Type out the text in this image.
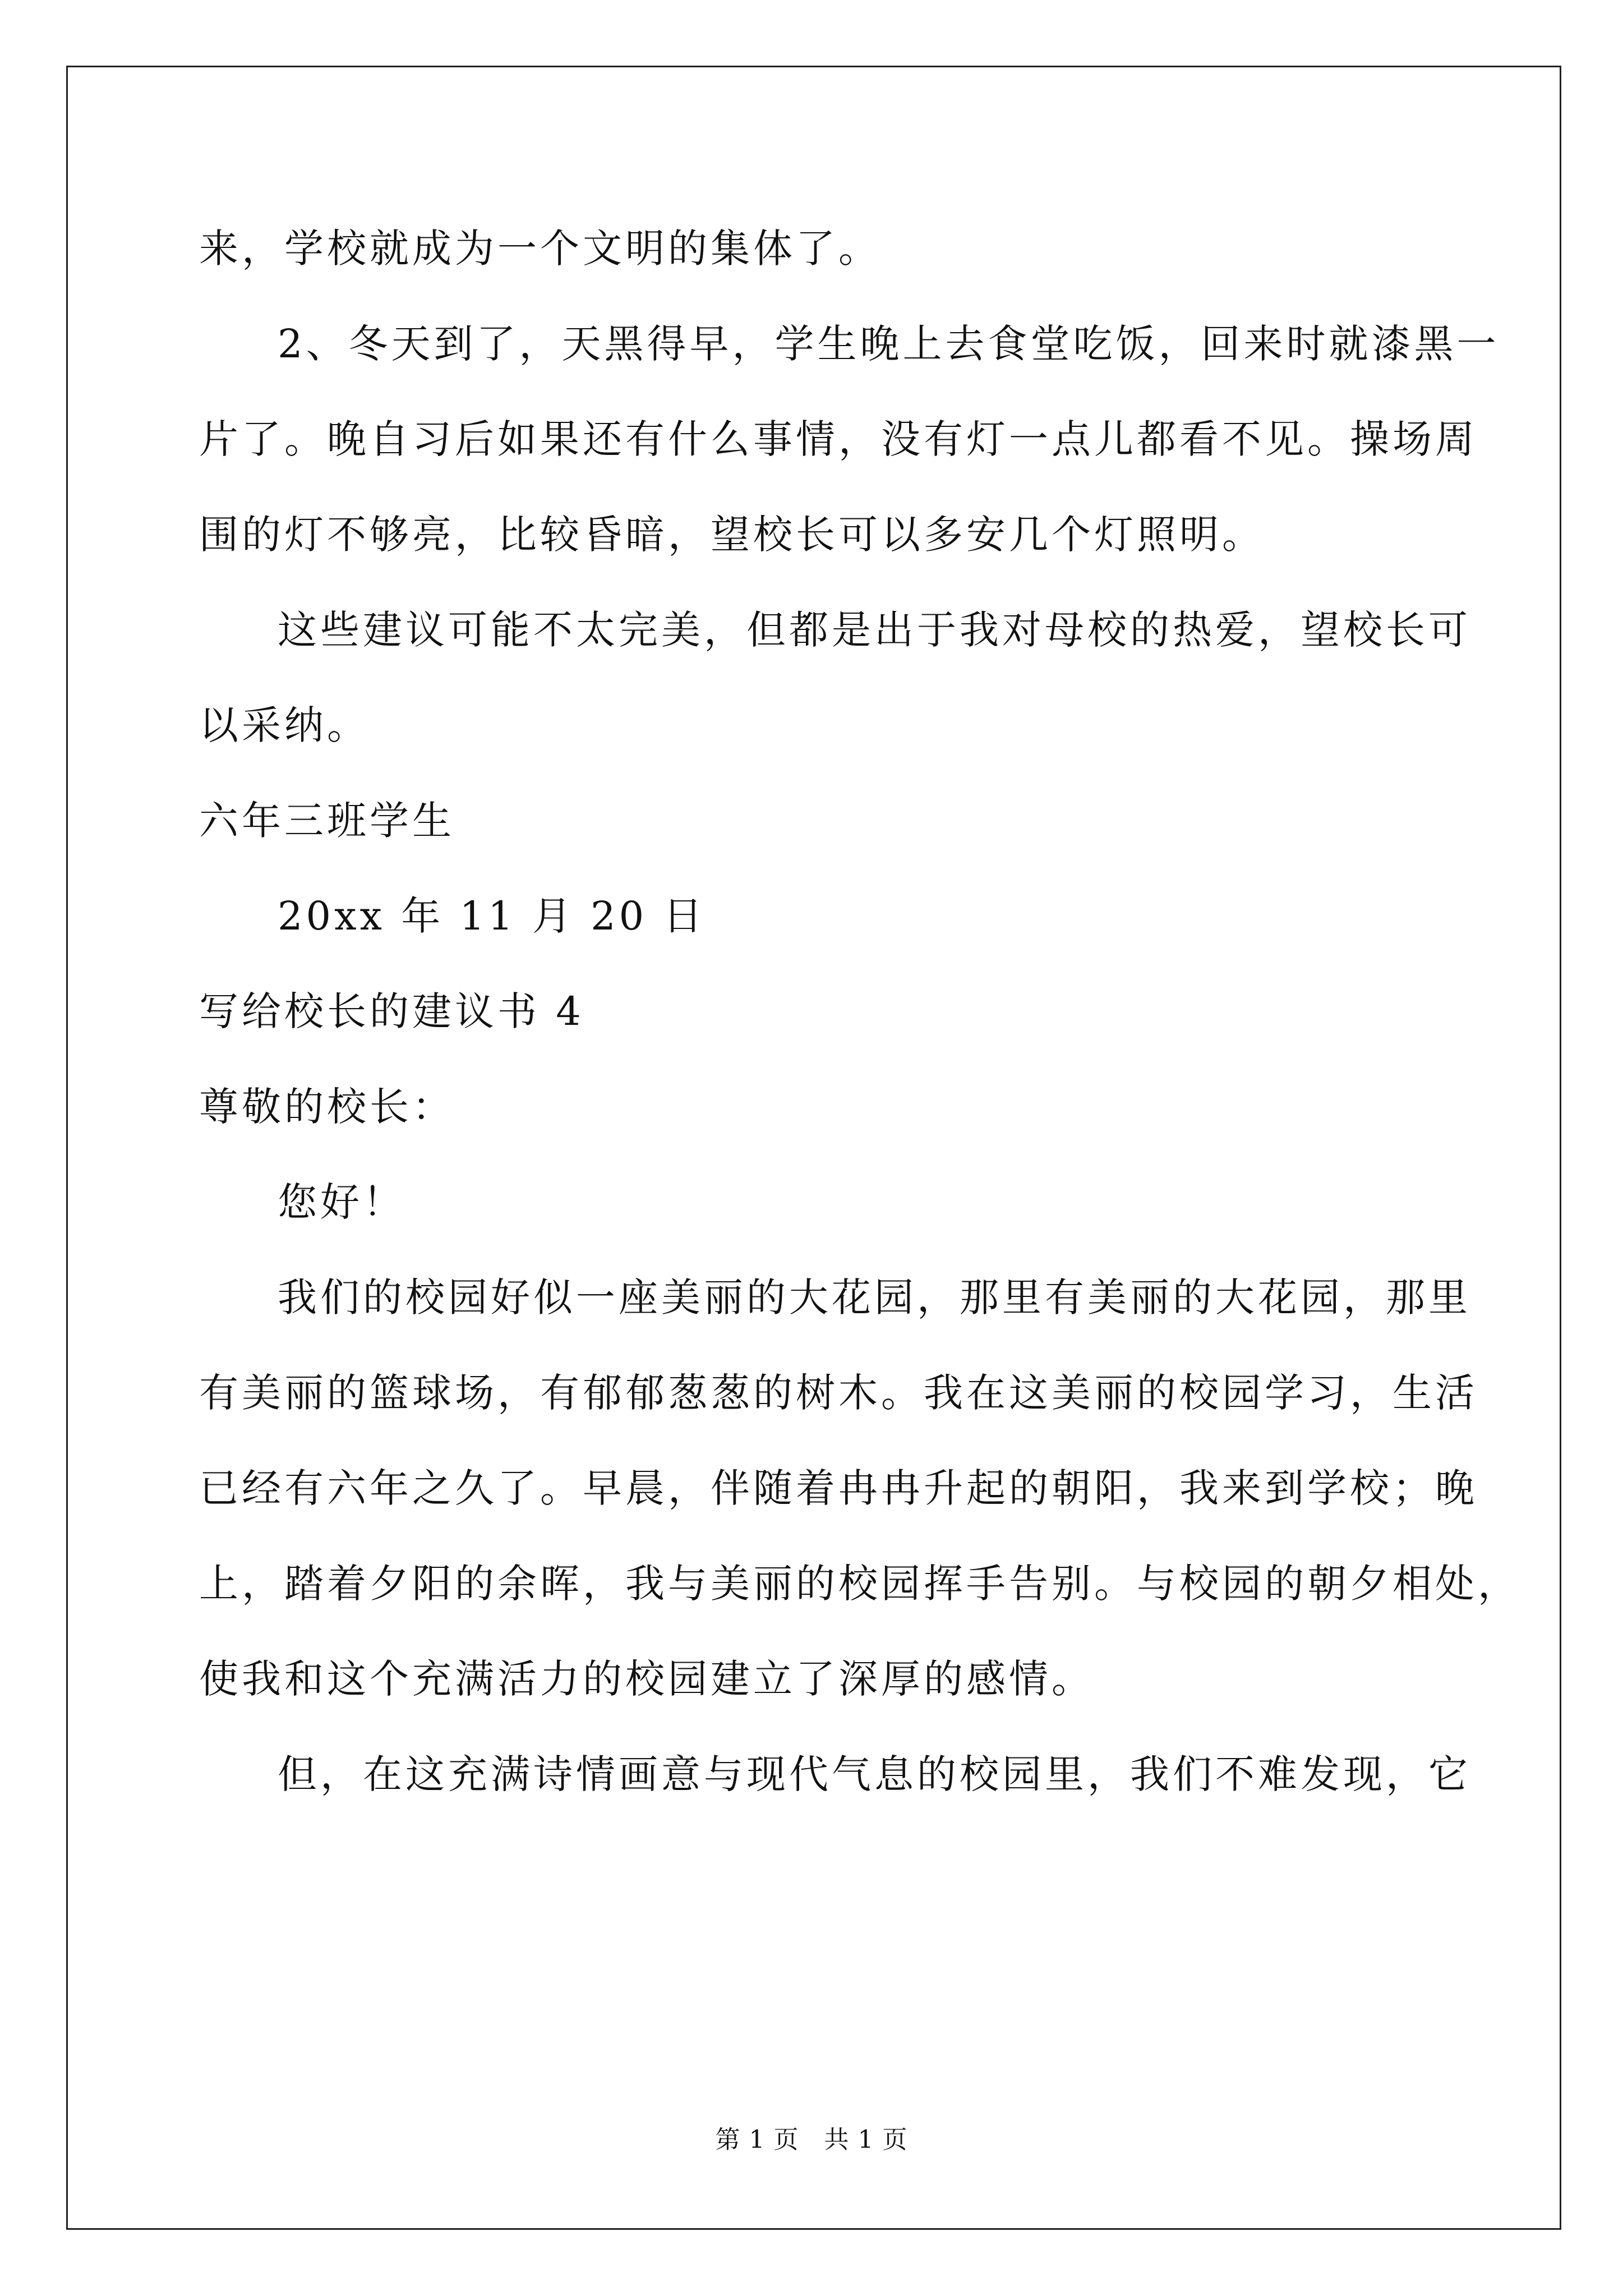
来，学校就成为一个文明的集体了。
2、冬天到了，天黑得早，学生晚上去食堂吃饭，回来时就漆黑一
片了。晚自习后如果还有什么事情，没有灯一点儿都看不见。操场周
围的灯不够亮，比较昏暗，望校长可以多安几个灯照明。
这些建议可能不太完美，但都是出于我对母校的热爱，望校长可
以采纳。
六年三班学生
20xx 年 11 月 20 日
写给校长的建议书 4
尊敬的校长：
您好！
我们的校园好似一座美丽的大花园，那里有美丽的大花园，那里
有美丽的篮球场，有郁郁葱葱的树木。我在这美丽的校园学习，生活
已经有六年之久了。早晨，伴随着冉冉升起的朝阳，我来到学校；晚
上，踏着夕阳的余晖，我与美丽的校园挥手告别。与校园的朝夕相处，
使我和这个充满活力的校园建立了深厚的感情。
但，在这充满诗情画意与现代气息的校园里，我们不难发现，它
第 1 页　共 1 页
